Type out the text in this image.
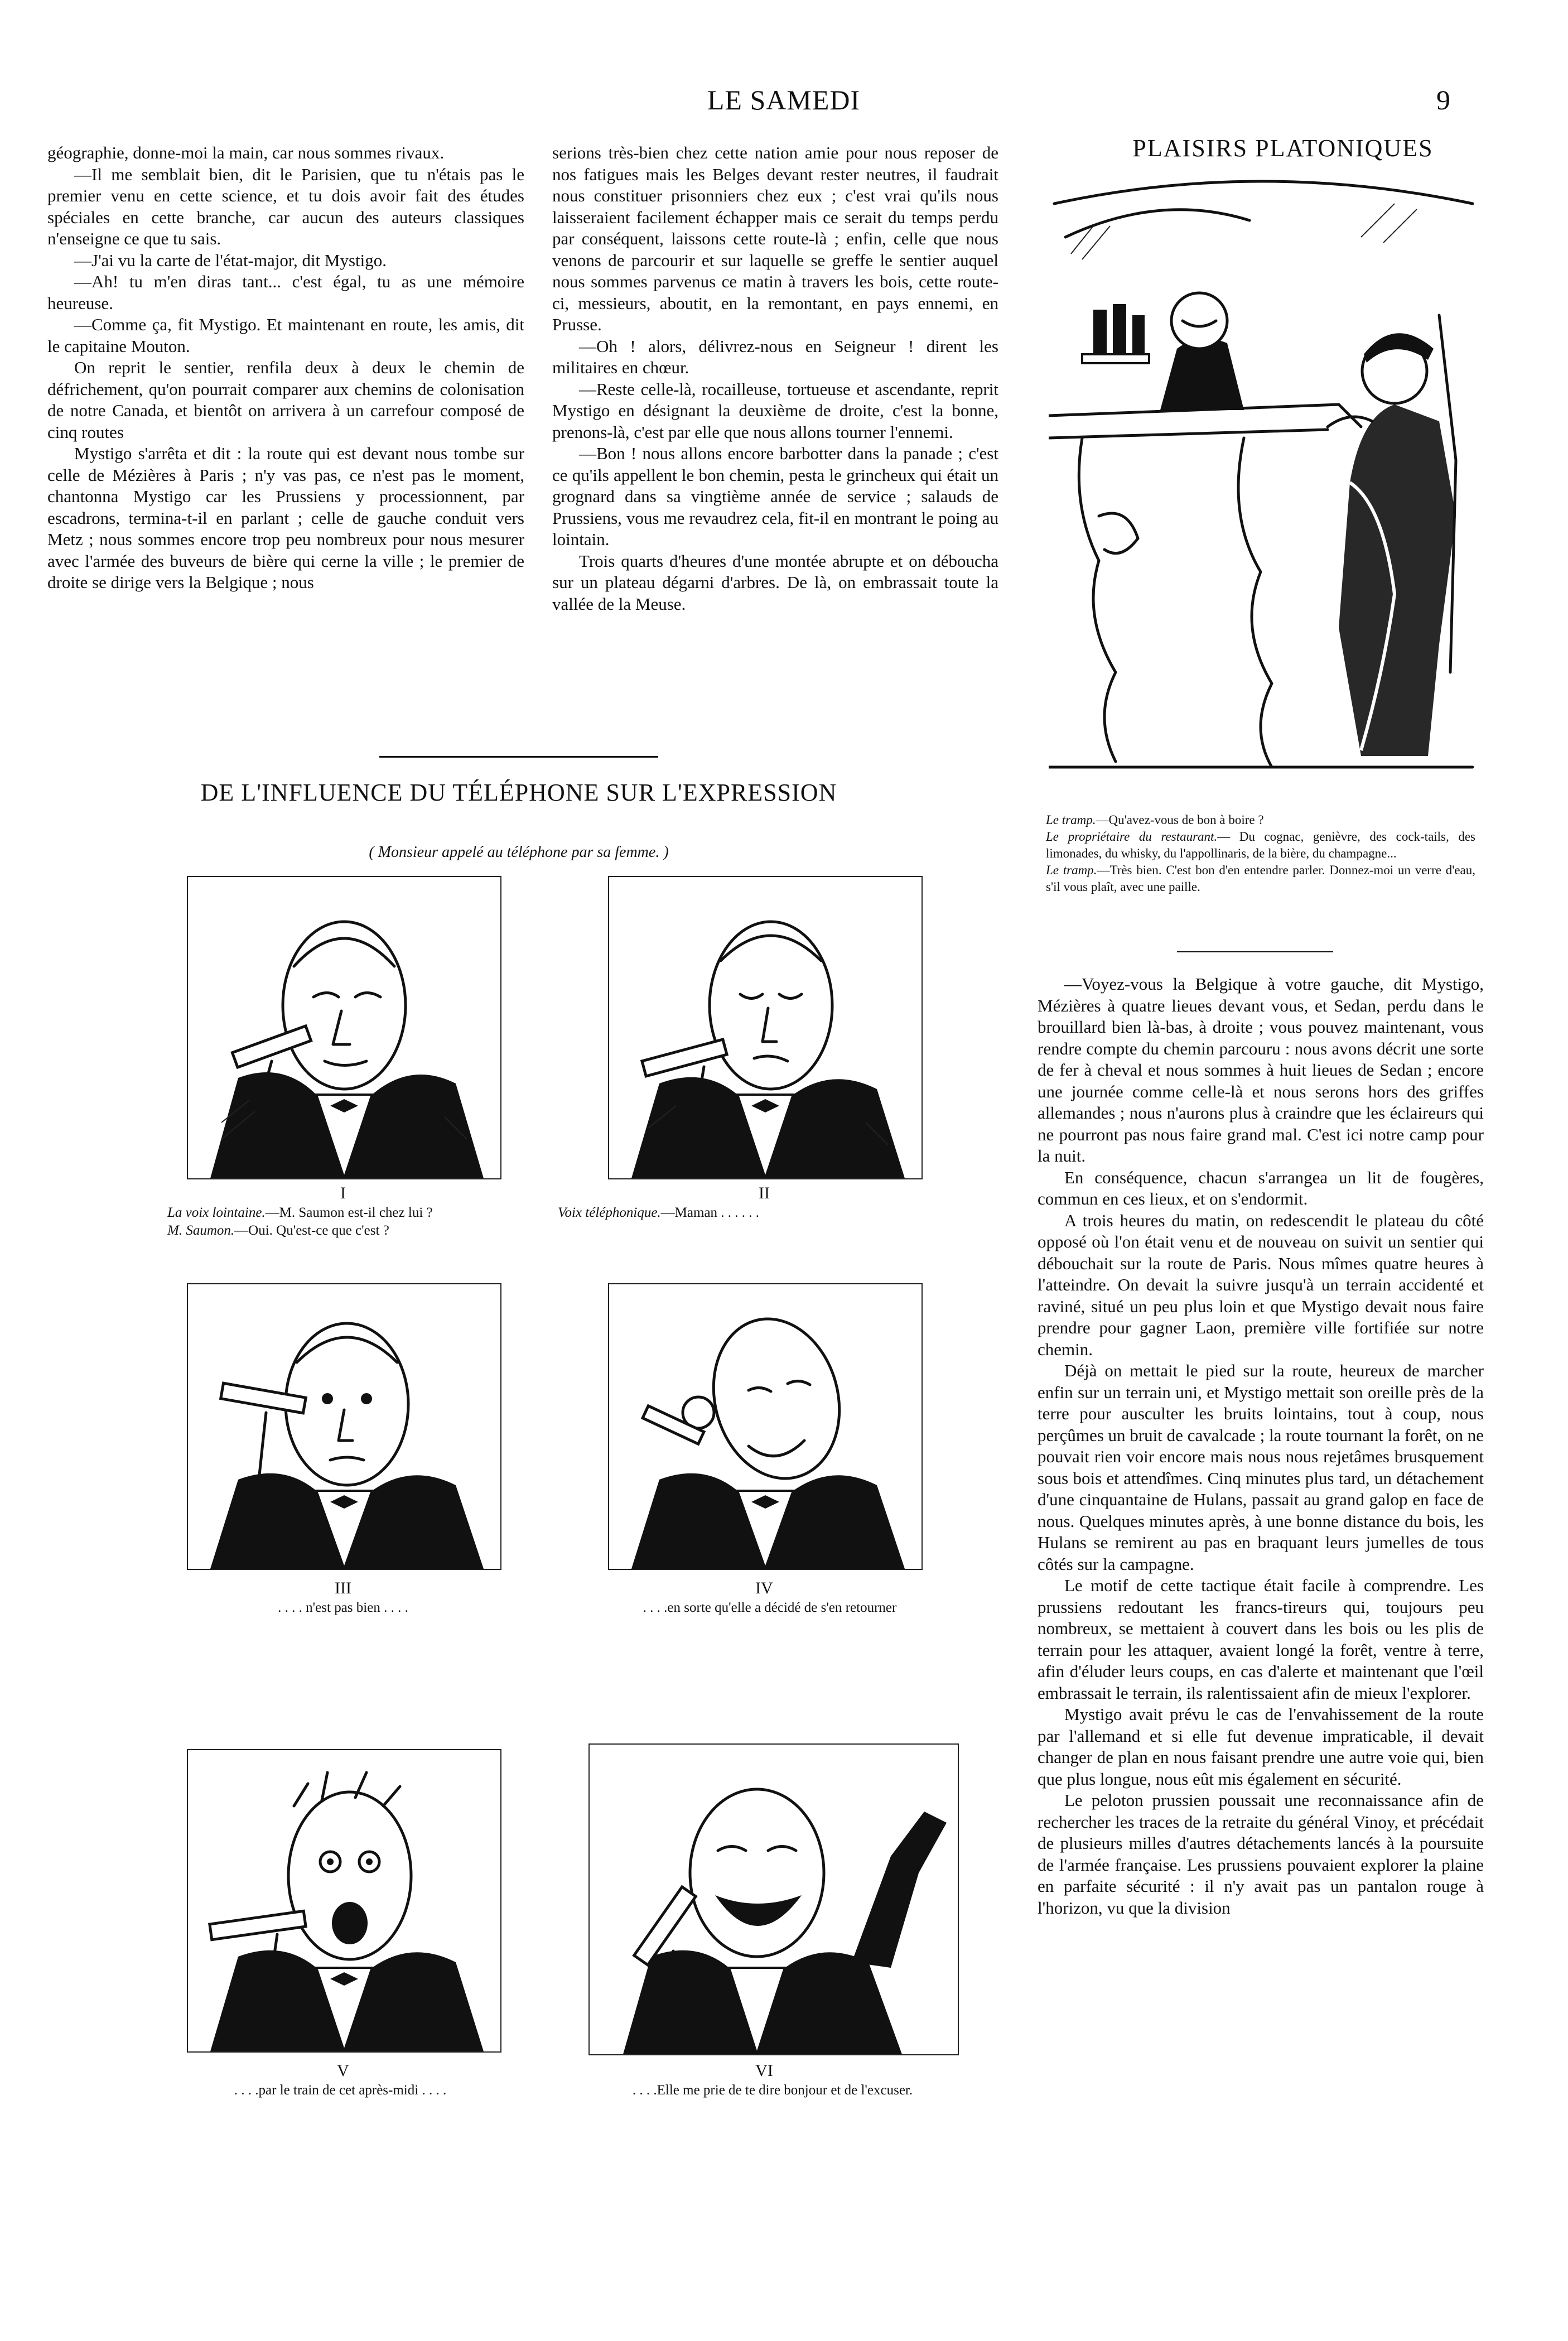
LE SAMEDI	9

géographie, donne-moi la main, car nous sommes rivaux.

—Il me semblait bien, dit le Parisien, que tu n'étais pas le premier venu en cette science, et tu dois avoir fait des études spéciales en cette branche, car aucun des auteurs classiques n'enseigne ce que tu sais.

—J'ai vu la carte de l'état-major, dit Mystigo.

—Ah! tu m'en diras tant... c'est égal, tu as une mémoire heureuse.

—Comme ça, fit Mystigo. Et maintenant en route, les amis, dit le capitaine Mouton.

On reprit le sentier, renfila deux à deux le chemin de défrichement, qu'on pourrait comparer aux chemins de colonisation de notre Canada, et bientôt on arrivera à un carrefour composé de cinq routes

Mystigo s'arrêta et dit : la route qui est devant nous tombe sur celle de Mézières à Paris ; n'y vas pas, ce n'est pas le moment, chantonna Mystigo car les Prussiens y processionnent, par escadrons, termina-t-il en parlant ; celle de gauche conduit vers Metz ; nous sommes encore trop peu nombreux pour nous mesurer avec l'armée des buveurs de bière qui cerne la ville ; le premier de droite se dirige vers la Belgique ; nous

serions très-bien chez cette nation amie pour nous reposer de nos fatigues mais les Belges devant rester neutres, il faudrait nous constituer prisonniers chez eux ; c'est vrai qu'ils nous laisseraient facilement échapper mais ce serait du temps perdu par conséquent, laissons cette route-là ; enfin, celle que nous venons de parcourir et sur laquelle se greffe le sentier auquel nous sommes parvenus ce matin à travers les bois, cette route-ci, messieurs, aboutit, en la remontant, en pays ennemi, en Prusse.

—Oh ! alors, délivrez-nous en Seigneur ! dirent les militaires en chœur.

—Reste celle-là, rocailleuse, tortueuse et ascendante, reprit Mystigo en désignant la deuxième de droite, c'est la bonne, prenons-là, c'est par elle que nous allons tourner l'ennemi.

—Bon ! nous allons encore barbotter dans la panade ; c'est ce qu'ils appellent le bon chemin, pesta le grincheux qui était un grognard dans sa vingtième année de service ; salauds de Prussiens, vous me revaudrez cela, fit-il en montrant le poing au lointain.

Trois quarts d'heures d'une montée abrupte et on déboucha sur un plateau dégarni d'arbres. De là, on embrassait toute la vallée de la Meuse.

DE L'INFLUENCE DU TÉLÉPHONE SUR L'EXPRESSION
( Monsieur appelé au téléphone par sa femme. )
I
La voix lointaine.—M. Saumon est-il chez lui ?
M. Saumon.—Oui. Qu'est-ce que c'est ?
II
Voix téléphonique.—Maman . . . . . .
III
. . . . n'est pas bien . . . .
IV
. . . .en sorte qu'elle a décidé de s'en retourner
V
. . . .par le train de cet après-midi . . . .
VI
. . . .Elle me prie de te dire bonjour et de l'excuser.
PLAISIRS PLATONIQUES
Le tramp.—Qu'avez-vous de bon à boire ?
Le propriétaire du restaurant.— Du cognac, genièvre, des cock-tails, des limonades, du whisky, du l'appollinaris, de la bière, du champagne...
Le tramp.—Très bien. C'est bon d'en entendre parler. Donnez-moi un verre d'eau, s'il vous plaît, avec une paille.

—Voyez-vous la Belgique à votre gauche, dit Mystigo, Mézières à quatre lieues devant vous, et Sedan, perdu dans le brouillard bien là-bas, à droite ; vous pouvez maintenant, vous rendre compte du chemin parcouru : nous avons décrit une sorte de fer à cheval et nous sommes à huit lieues de Sedan ; encore une journée comme celle-là et nous serons hors des griffes allemandes ; nous n'aurons plus à craindre que les éclaireurs qui ne pourront pas nous faire grand mal. C'est ici notre camp pour la nuit.

En conséquence, chacun s'arrangea un lit de fougères, commun en ces lieux, et on s'endormit.

A trois heures du matin, on redescendit le plateau du côté opposé où l'on était venu et de nouveau on suivit un sentier qui débouchait sur la route de Paris. Nous mîmes quatre heures à l'atteindre. On devait la suivre jusqu'à un terrain accidenté et raviné, situé un peu plus loin et que Mystigo devait nous faire prendre pour gagner Laon, première ville fortifiée sur notre chemin.

Déjà on mettait le pied sur la route, heureux de marcher enfin sur un terrain uni, et Mystigo mettait son oreille près de la terre pour ausculter les bruits lointains, tout à coup, nous perçûmes un bruit de cavalcade ; la route tournant la forêt, on ne pouvait rien voir encore mais nous nous rejetâmes brusquement sous bois et attendîmes. Cinq minutes plus tard, un détachement d'une cinquantaine de Hulans, passait au grand galop en face de nous. Quelques minutes après, à une bonne distance du bois, les Hulans se remirent au pas en braquant leurs jumelles de tous côtés sur la campagne.

Le motif de cette tactique était facile à comprendre. Les prussiens redoutant les francs-tireurs qui, toujours peu nombreux, se mettaient à couvert dans les bois ou les plis de terrain pour les attaquer, avaient longé la forêt, ventre à terre, afin d'éluder leurs coups, en cas d'alerte et maintenant que l'œil embrassait le terrain, ils ralentissaient afin de mieux l'explorer.

Mystigo avait prévu le cas de l'envahissement de la route par l'allemand et si elle fut devenue impraticable, il devait changer de plan en nous faisant prendre une autre voie qui, bien que plus longue, nous eût mis également en sécurité.

Le peloton prussien poussait une reconnaissance afin de rechercher les traces de la retraite du général Vinoy, et précédait de plusieurs milles d'autres détachements lancés à la poursuite de l'armée française. Les prussiens pouvaient explorer la plaine en parfaite sécurité : il n'y avait pas un pantalon rouge à l'horizon, vu que la division
